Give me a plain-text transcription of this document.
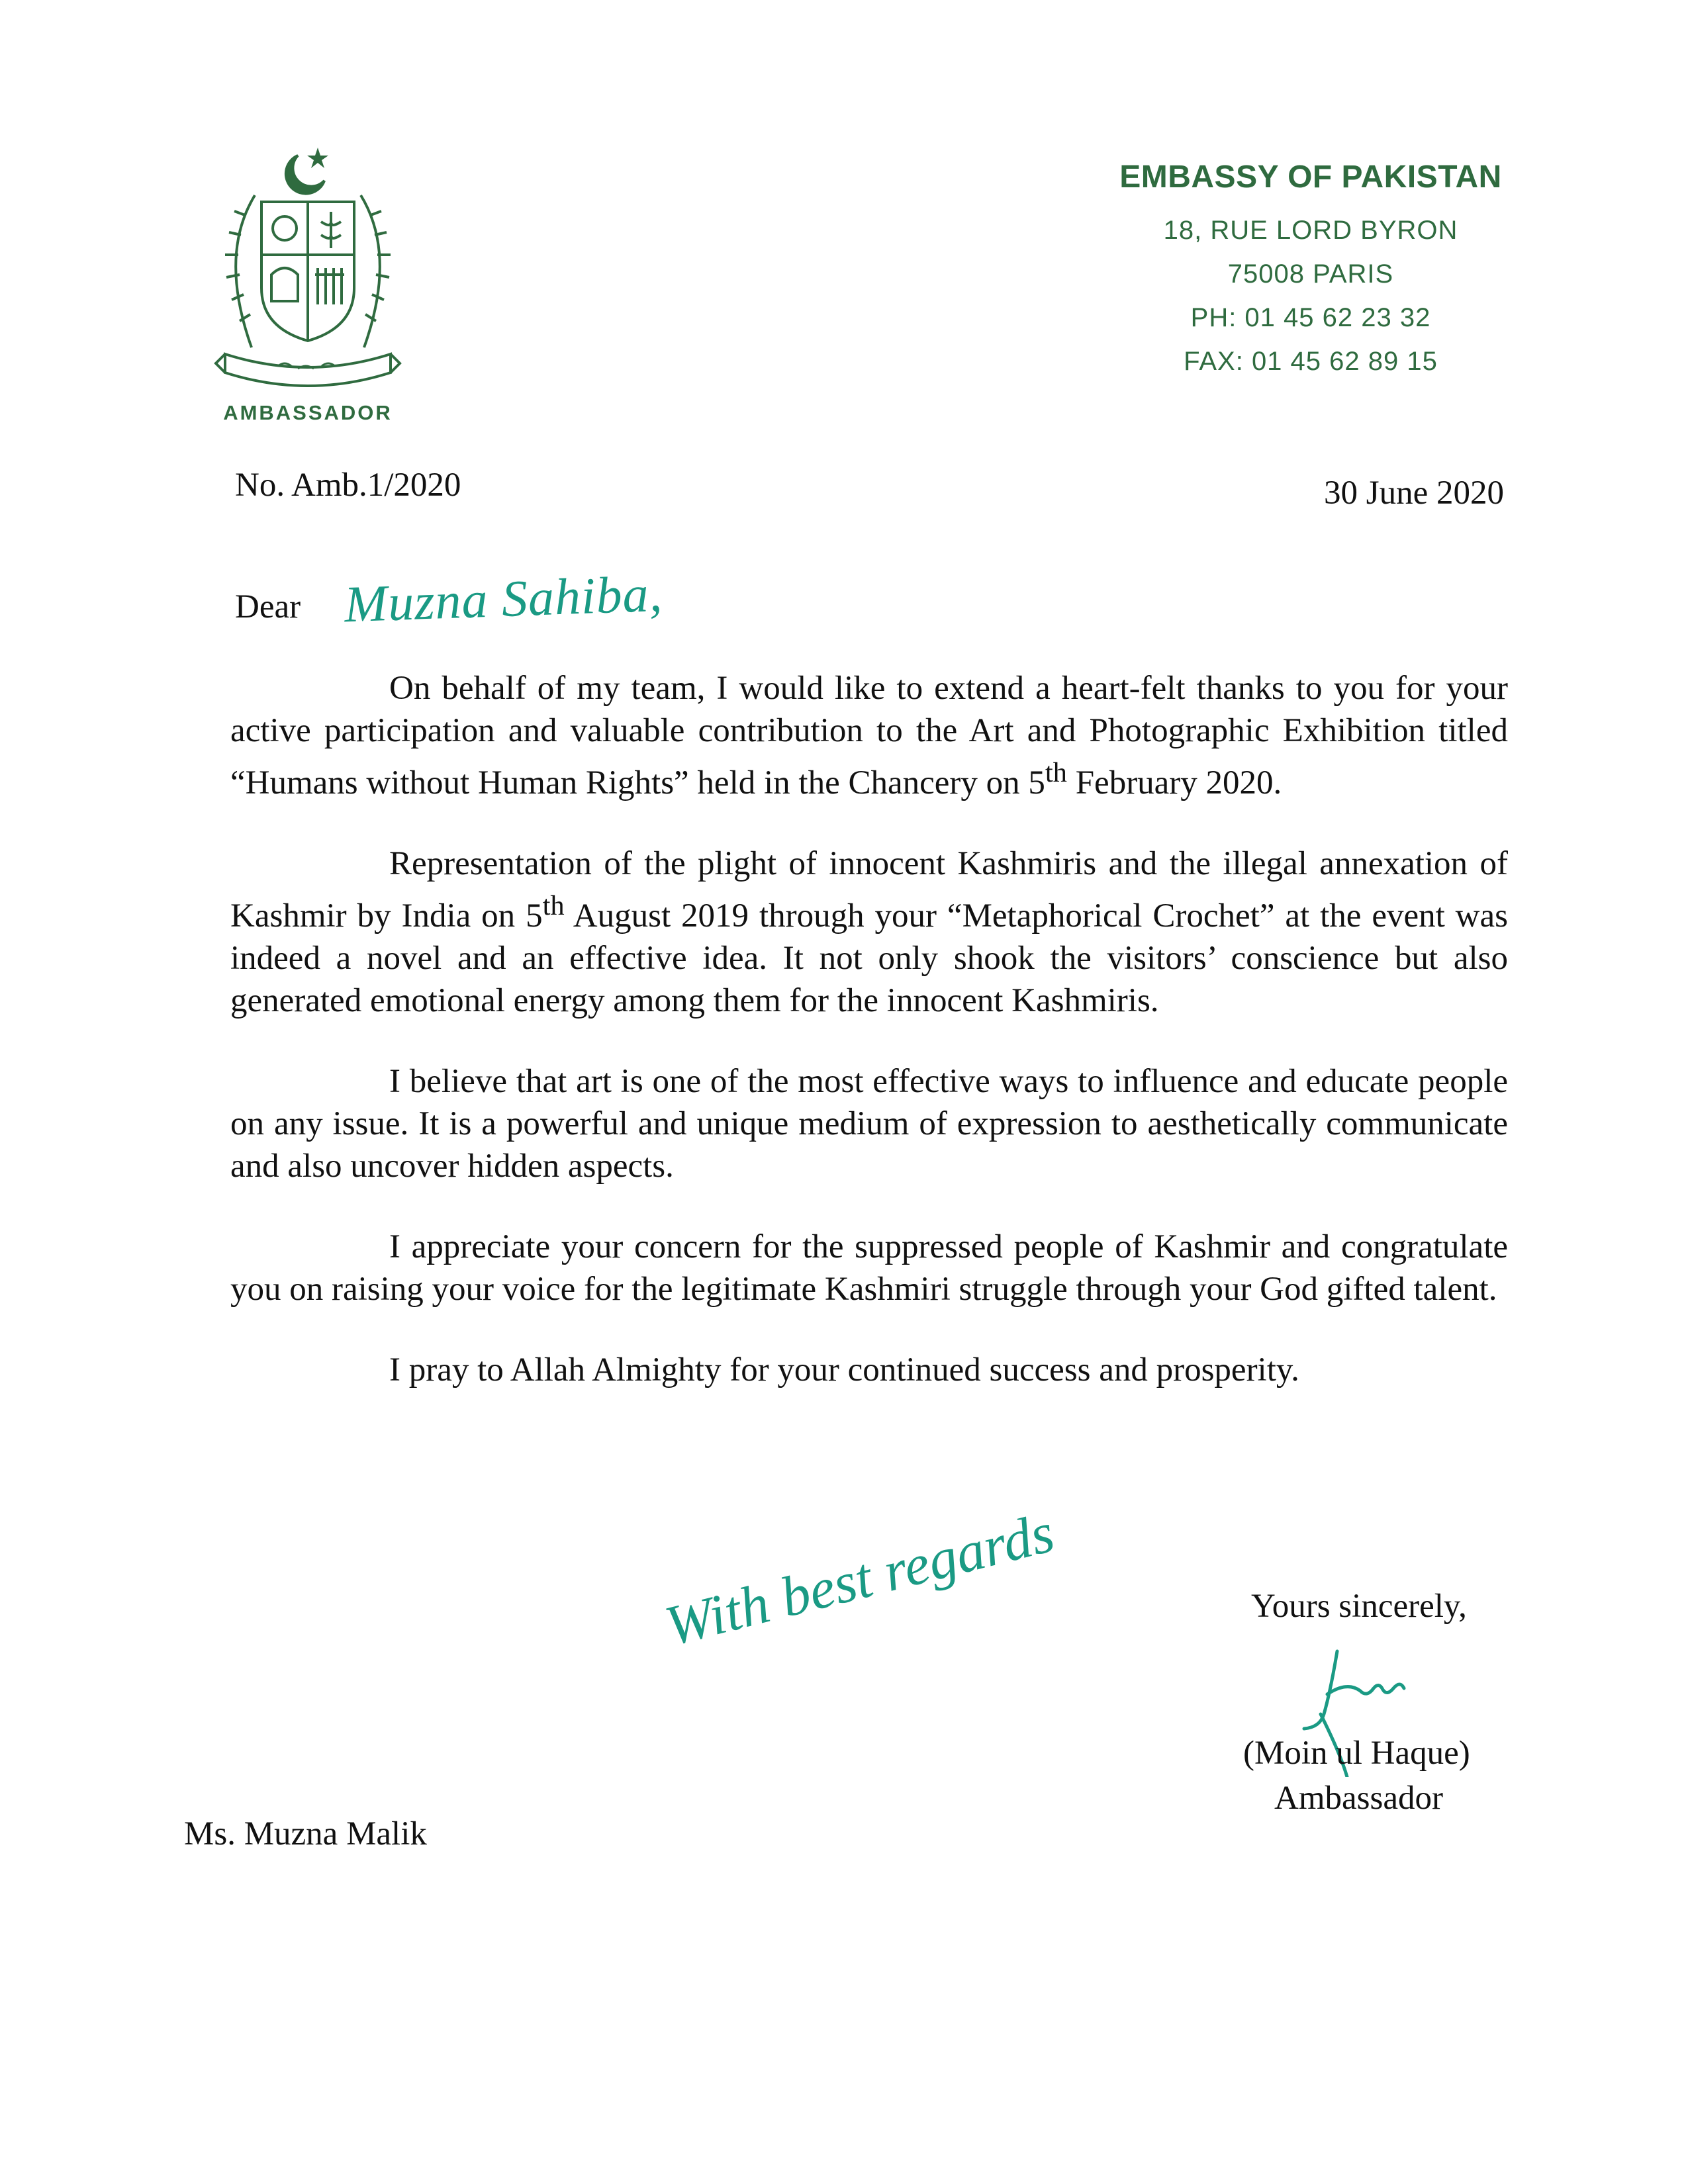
AMBASSADOR
EMBASSY OF PAKISTAN
18, RUE LORD BYRON
75008 PARIS
PH: 01 45 62 23 32
FAX: 01 45 62 89 15
No. Amb.1/2020	30 June 2020
Dear Muzna Sahiba,

On behalf of my team, I would like to extend a heart-felt thanks to you for your active participation and valuable contribution to the Art and Photographic Exhibition titled “Humans without Human Rights” held in the Chancery on 5th February 2020.

Representation of the plight of innocent Kashmiris and the illegal annexation of Kashmir by India on 5th August 2019 through your “Metaphorical Crochet” at the event was indeed a novel and an effective idea. It not only shook the visitors’ conscience but also generated emotional energy among them for the innocent Kashmiris.

I believe that art is one of the most effective ways to influence and educate people on any issue. It is a powerful and unique medium of expression to aesthetically communicate and also uncover hidden aspects.

I appreciate your concern for the suppressed people of Kashmir and congratulate you on raising your voice for the legitimate Kashmiri struggle through your God gifted talent.

I pray to Allah Almighty for your continued success and prosperity.

With best regards	Yours sincerely,
(Moin ul Haque)
Ambassador
Ms. Muzna Malik
